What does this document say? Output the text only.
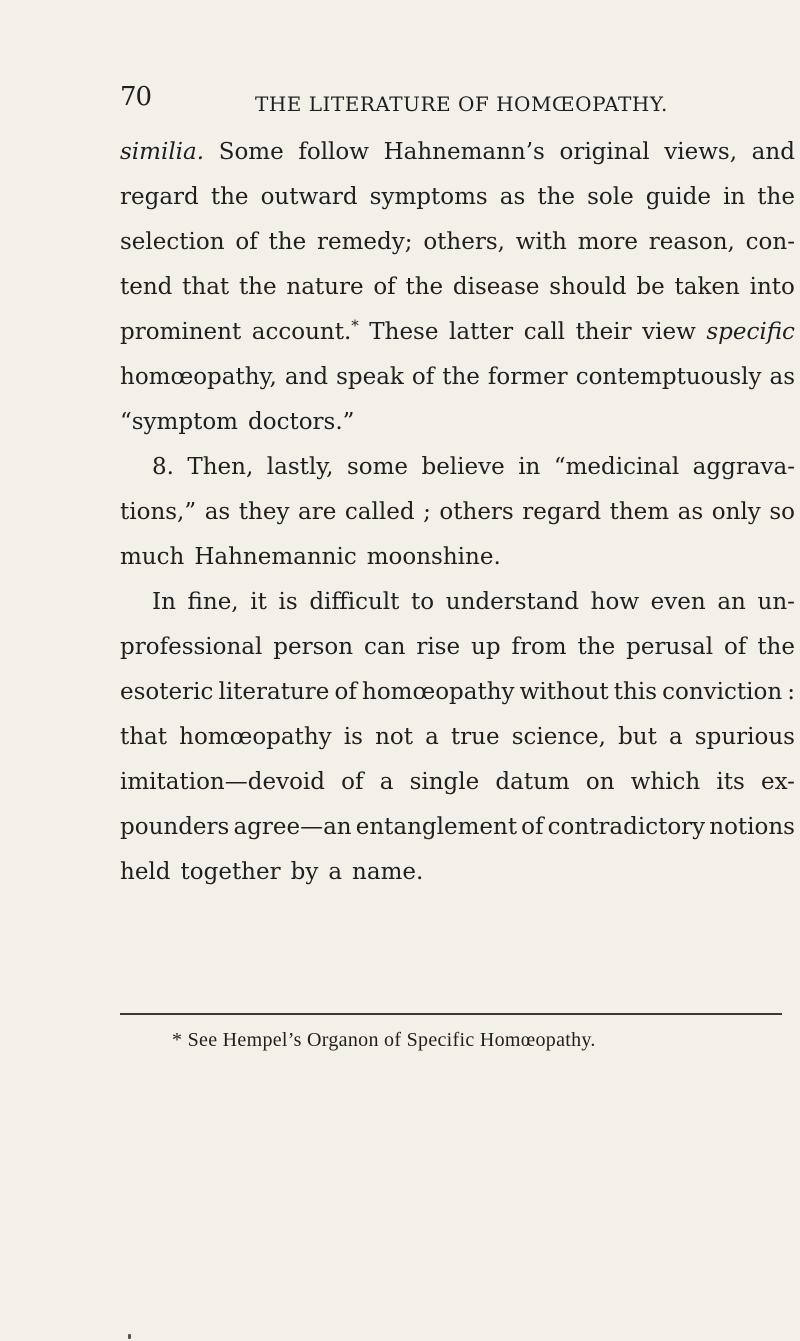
70	THE LITERATURE OF HOMŒOPATHY.
similia. Some follow Hahnemann’s original views, and
regard the outward symptoms as the sole guide in the
selection of the remedy; others, with more reason, con-
tend that the nature of the disease should be taken into
prominent account.* These latter call their view specific
homœopathy, and speak of the former contemptuously as
“symptom doctors.”
8. Then, lastly, some believe in “medicinal aggrava-
tions,” as they are called ; others regard them as only so
much Hahnemannic moonshine.
In fine, it is difficult to understand how even an un-
professional person can rise up from the perusal of the
esoteric literature of homœopathy without this conviction :
that homœopathy is not a true science, but a spurious
imitation—devoid of a single datum on which its ex-
pounders agree—an entanglement of contradictory notions
held together by a name.
* See Hempel’s Organon of Specific Homœopathy.
